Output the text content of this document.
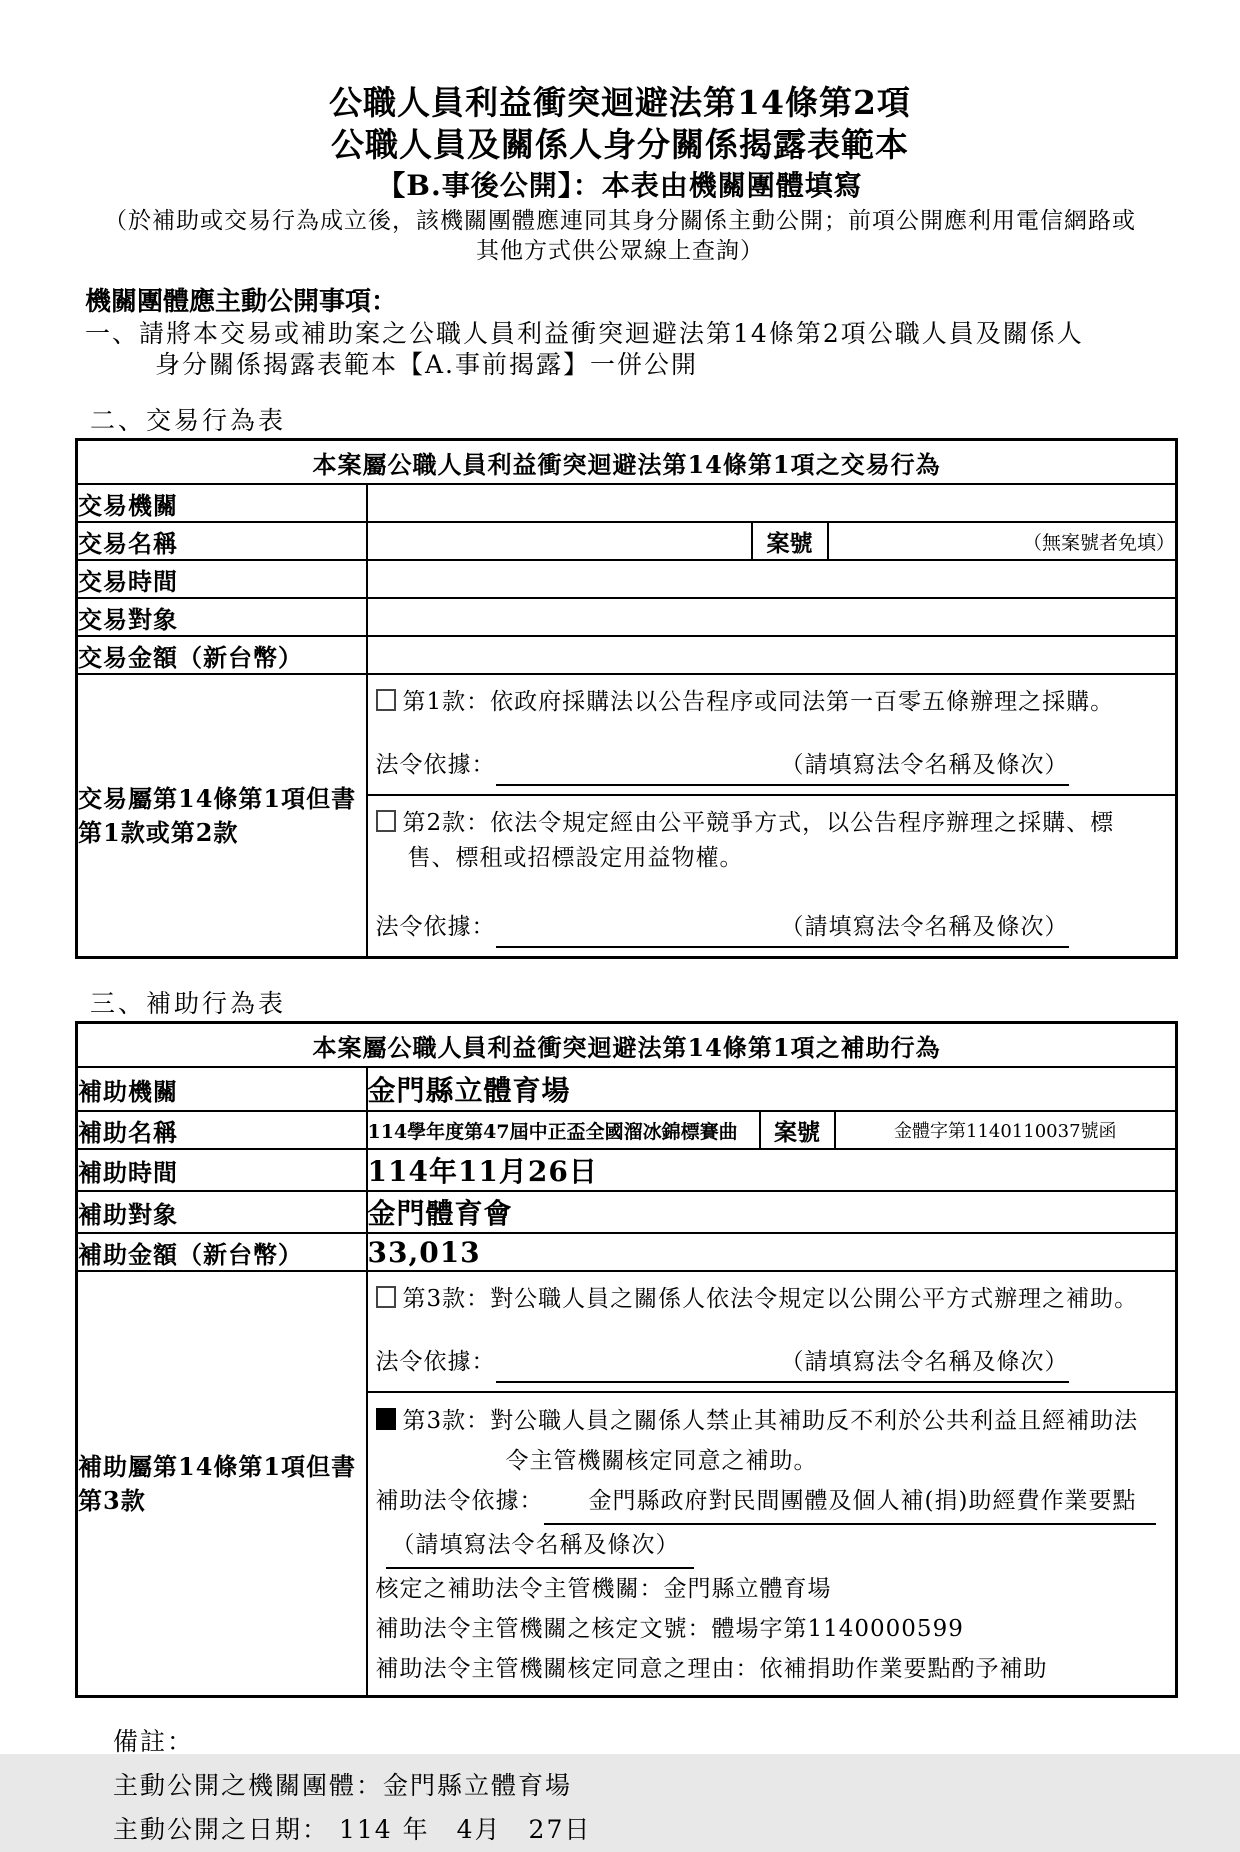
公職人員利益衝突迴避法第14條第2項
公職人員及關係人身分關係揭露表範本
【B.事後公開】：本表由機關團體填寫
（於補助或交易行為成立後，該機關團體應連同其身分關係主動公開；前項公開應利用電信網路或
其他方式供公眾線上查詢）
機關團體應主動公開事項：
一、請將本交易或補助案之公職人員利益衝突迴避法第14條第2項公職人員及關係人
身分關係揭露表範本【A.事前揭露】一併公開
二、交易行為表
本案屬公職人員利益衝突迴避法第14條第1項之交易行為			
交易機關			
交易名稱		案號	（無案號者免填）
交易時間			
交易對象			
交易金額（新台幣）			
交易屬第14條第1項但書第1款或第2款	第1款：依政府採購法以公告程序或同法第一百零五條辦理之採購。
法令依據： （請填寫法令名稱及條次）		

	第2款：依法令規定經由公平競爭方式，以公告程序辦理之採購、標
售、標租或招標設定用益物權。
法令依據： （請填寫法令名稱及條次）		
三、補助行為表
本案屬公職人員利益衝突迴避法第14條第1項之補助行為			
補助機關	金門縣立體育場		
補助名稱	114學年度第47屆中正盃全國溜冰錦標賽曲	案號	金體字第1140110037號函
補助時間	114年11月26日		
補助對象	金門體育會		
補助金額（新台幣）	33,013		
補助屬第14條第1項但書第3款	第3款：對公職人員之關係人依法令規定以公開公平方式辦理之補助。
法令依據： （請填寫法令名稱及條次）		

第3款：對公職人員之關係人禁止其補助反不利於公共利益且經補助法
令主管機關核定同意之補助。
補助法令依據： 金門縣政府對民間團體及個人補(捐)助經費作業要點
（請填寫法令名稱及條次）
核定之補助法令主管機關：金門縣立體育場
補助法令主管機關之核定文號：體場字第1140000599
補助法令主管機關核定同意之理由：依補捐助作業要點酌予補助
備註：
主動公開之機關團體：金門縣立體育場
主動公開之日期： 114 年　4月　27日
